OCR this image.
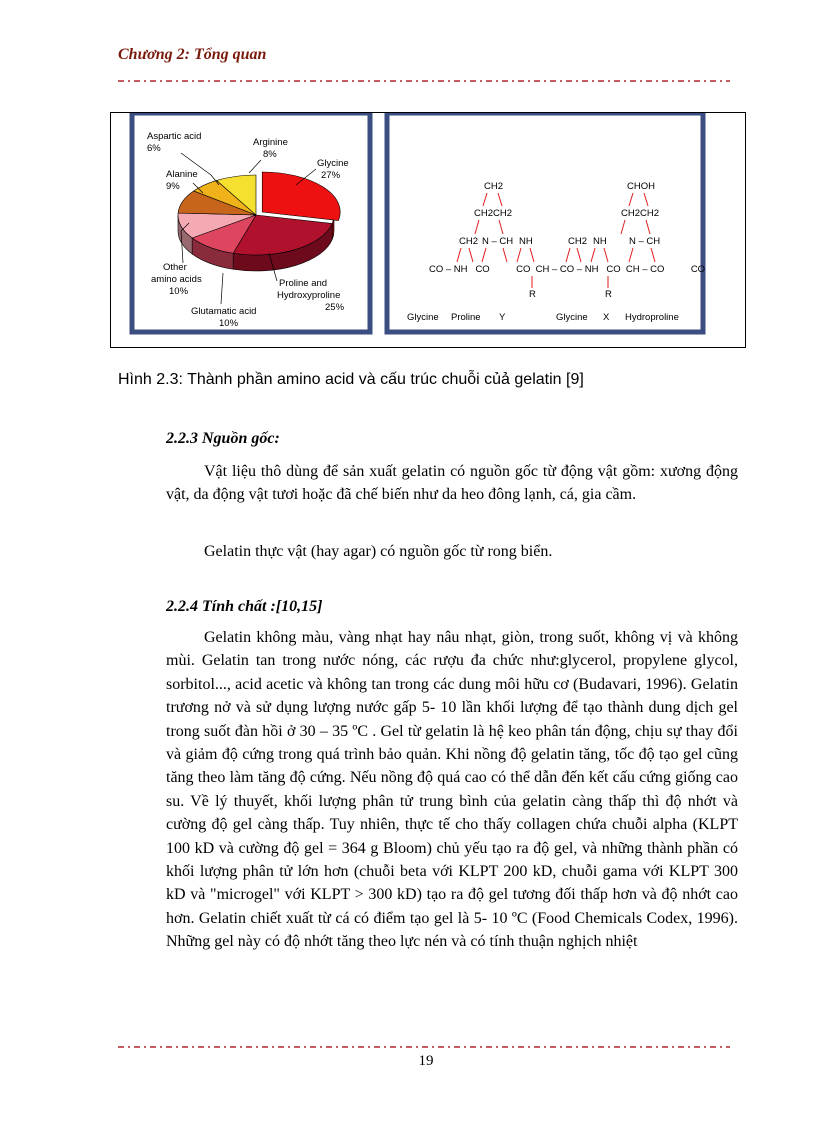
Chương 2: Tổng quan
Aspartic acid
6%
Arginine
8%
Glycine
27%
Alanine
9%
Other
amino acids
10%
Glutamatic acid
10%
Proline and
Hydroxyproline
25%
CH2	CHOH
CH2CH2	CH2CH2
CH2 N – CH NH	CH2 NH N – CH
CO – NH   CO          CO  CH – CO – NH   CO  CH – CO          CO
R	R
Glycine Proline Y	Glycine X Hydroproline
Hình 2.3: Thành phần amino acid và cấu trúc chuỗi củả gelatin [9]
2.2.3 Nguồn gốc:
Vật liệu thô dùng để sản xuất gelatin có nguồn gốc từ động vật gồm: xương động vật, da động vật tươi hoặc đã chế biến như da heo đông lạnh, cá, gia cầm.
Gelatin thực vật (hay agar) có nguồn gốc từ rong biển.
2.2.4 Tính chất :[10,15]
Gelatin không màu, vàng nhạt hay nâu nhạt, giòn, trong suốt, không vị và không mùi. Gelatin tan trong nước nóng, các rượu đa chức như:glycerol, propylene glycol, sorbitol..., acid acetic và không tan trong các dung môi hữu cơ (Budavari, 1996). Gelatin trương nở và sử dụng lượng nước gấp 5- 10 lần khối lượng để tạo thành dung dịch gel trong suốt đàn hồi ở 30 – 35 ºC . Gel từ gelatin là hệ keo phân tán động, chịu sự thay đổi và giảm độ cứng trong quá trình bảo quản. Khi nồng độ gelatin tăng, tốc độ tạo gel cũng tăng theo làm tăng độ cứng. Nếu nồng độ quá cao có thể dẫn đến kết cấu cứng giống cao su. Về lý thuyết, khối lượng phân tử trung bình của gelatin càng thấp thì độ nhớt và cường độ gel càng thấp. Tuy nhiên, thực tế cho thấy collagen chứa chuỗi alpha (KLPT 100 kD và cường độ gel = 364 g Bloom) chủ yếu tạo ra độ gel, và những thành phần có khối lượng phân tử lớn hơn (chuỗi beta với KLPT 200 kD, chuỗi gama với KLPT 300 kD và "microgel" với KLPT > 300 kD) tạo ra độ gel tương đối thấp hơn và độ nhớt cao hơn. Gelatin chiết xuất từ cá có điểm tạo gel là 5- 10 ºC (Food Chemicals Codex, 1996). Những gel này có độ nhớt tăng theo lực nén và có tính thuận nghịch nhiệt
19
